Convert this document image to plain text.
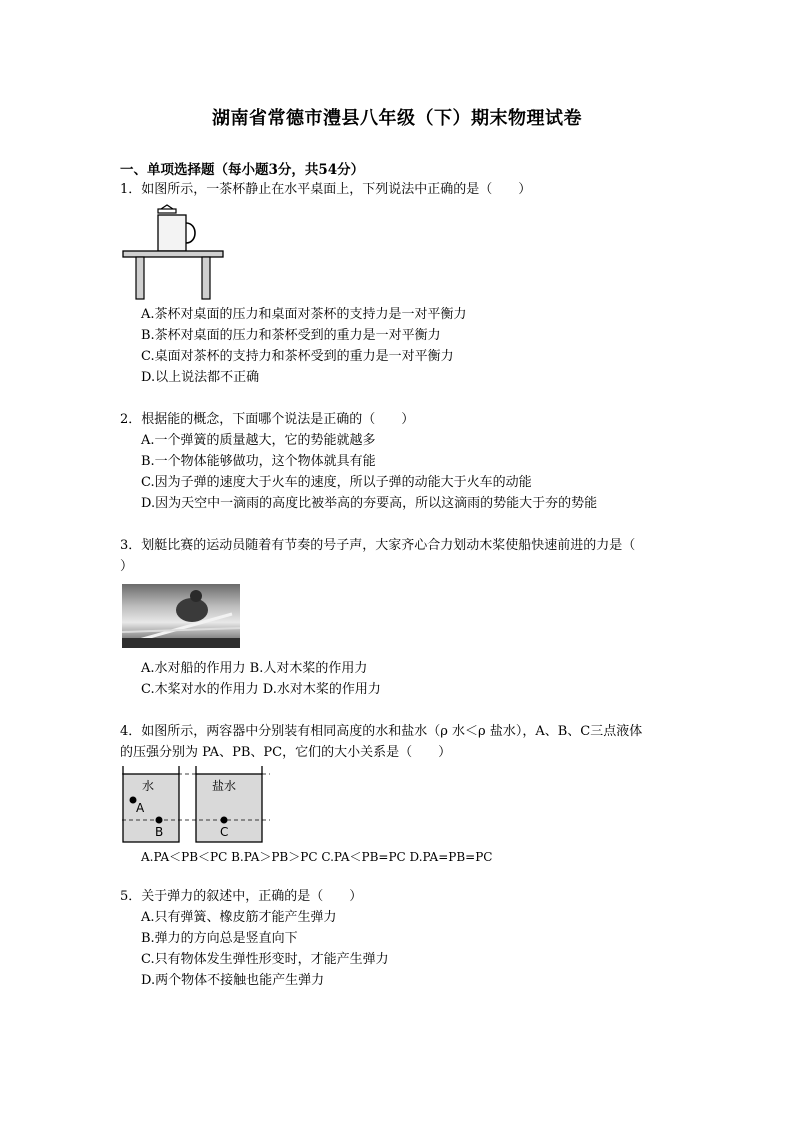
湖南省常德市澧县八年级（下）期末物理试卷
一、单项选择题（每小题3分，共54分）
1．如图所示，一茶杯静止在水平桌面上，下列说法中正确的是（　　）
A.茶杯对桌面的压力和桌面对茶杯的支持力是一对平衡力
B.茶杯对桌面的压力和茶杯受到的重力是一对平衡力
C.桌面对茶杯的支持力和茶杯受到的重力是一对平衡力
D.以上说法都不正确
2．根据能的概念，下面哪个说法是正确的（　　）
A.一个弹簧的质量越大，它的势能就越多
B.一个物体能够做功，这个物体就具有能
C.因为子弹的速度大于火车的速度，所以子弹的动能大于火车的动能
D.因为天空中一滴雨的高度比被举高的夯要高，所以这滴雨的势能大于夯的势能
3．划艇比赛的运动员随着有节奏的号子声，大家齐心合力划动木桨使船快速前进的力是（
）
A.水对船的作用力 B.人对木桨的作用力
C.木桨对水的作用力 D.水对木桨的作用力
4．如图所示，两容器中分别装有相同高度的水和盐水（ρ 水＜ρ 盐水），A、B、C三点液体
的压强分别为 PA、PB、PC，它们的大小关系是（　　）
水	盐水
A
B	C
A.PA＜PB＜PC B.PA＞PB＞PC C.PA＜PB=PC D.PA=PB=PC
5．关于弹力的叙述中，正确的是（　　）
A.只有弹簧、橡皮筋才能产生弹力
B.弹力的方向总是竖直向下
C.只有物体发生弹性形变时，才能产生弹力
D.两个物体不接触也能产生弹力
